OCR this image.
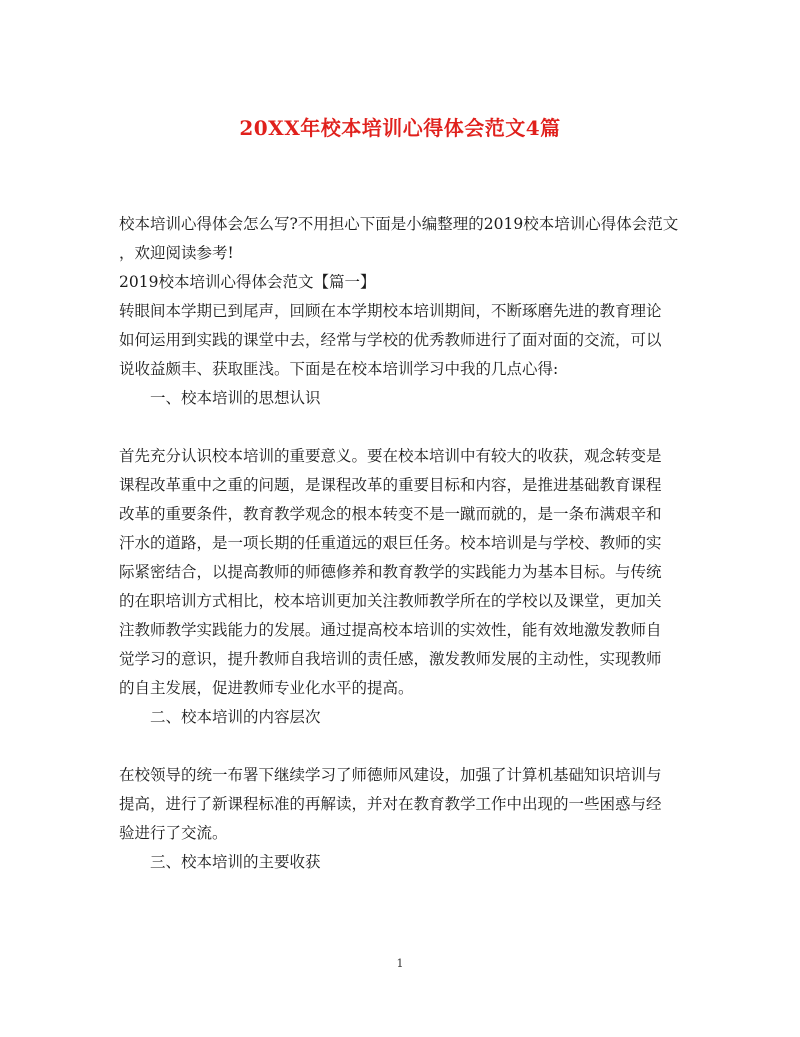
20XX年校本培训心得体会范文4篇
校本培训心得体会怎么写?不用担心下面是小编整理的2019校本培训心得体会范文
，欢迎阅读参考!
2019校本培训心得体会范文【篇一】
转眼间本学期已到尾声，回顾在本学期校本培训期间，不断琢磨先进的教育理论
如何运用到实践的课堂中去，经常与学校的优秀教师进行了面对面的交流，可以
说收益颇丰、获取匪浅。下面是在校本培训学习中我的几点心得:
一、校本培训的思想认识
首先充分认识校本培训的重要意义。要在校本培训中有较大的收获，观念转变是
课程改革重中之重的问题，是课程改革的重要目标和内容，是推进基础教育课程
改革的重要条件，教育教学观念的根本转变不是一蹴而就的，是一条布满艰辛和
汗水的道路，是一项长期的任重道远的艰巨任务。校本培训是与学校、教师的实
际紧密结合，以提高教师的师德修养和教育教学的实践能力为基本目标。与传统
的在职培训方式相比，校本培训更加关注教师教学所在的学校以及课堂，更加关
注教师教学实践能力的发展。通过提高校本培训的实效性，能有效地激发教师自
觉学习的意识，提升教师自我培训的责任感，激发教师发展的主动性，实现教师
的自主发展，促进教师专业化水平的提高。
二、校本培训的内容层次
在校领导的统一布署下继续学习了师德师风建设，加强了计算机基础知识培训与
提高，进行了新课程标准的再解读，并对在教育教学工作中出现的一些困惑与经
验进行了交流。
三、校本培训的主要收获
1
